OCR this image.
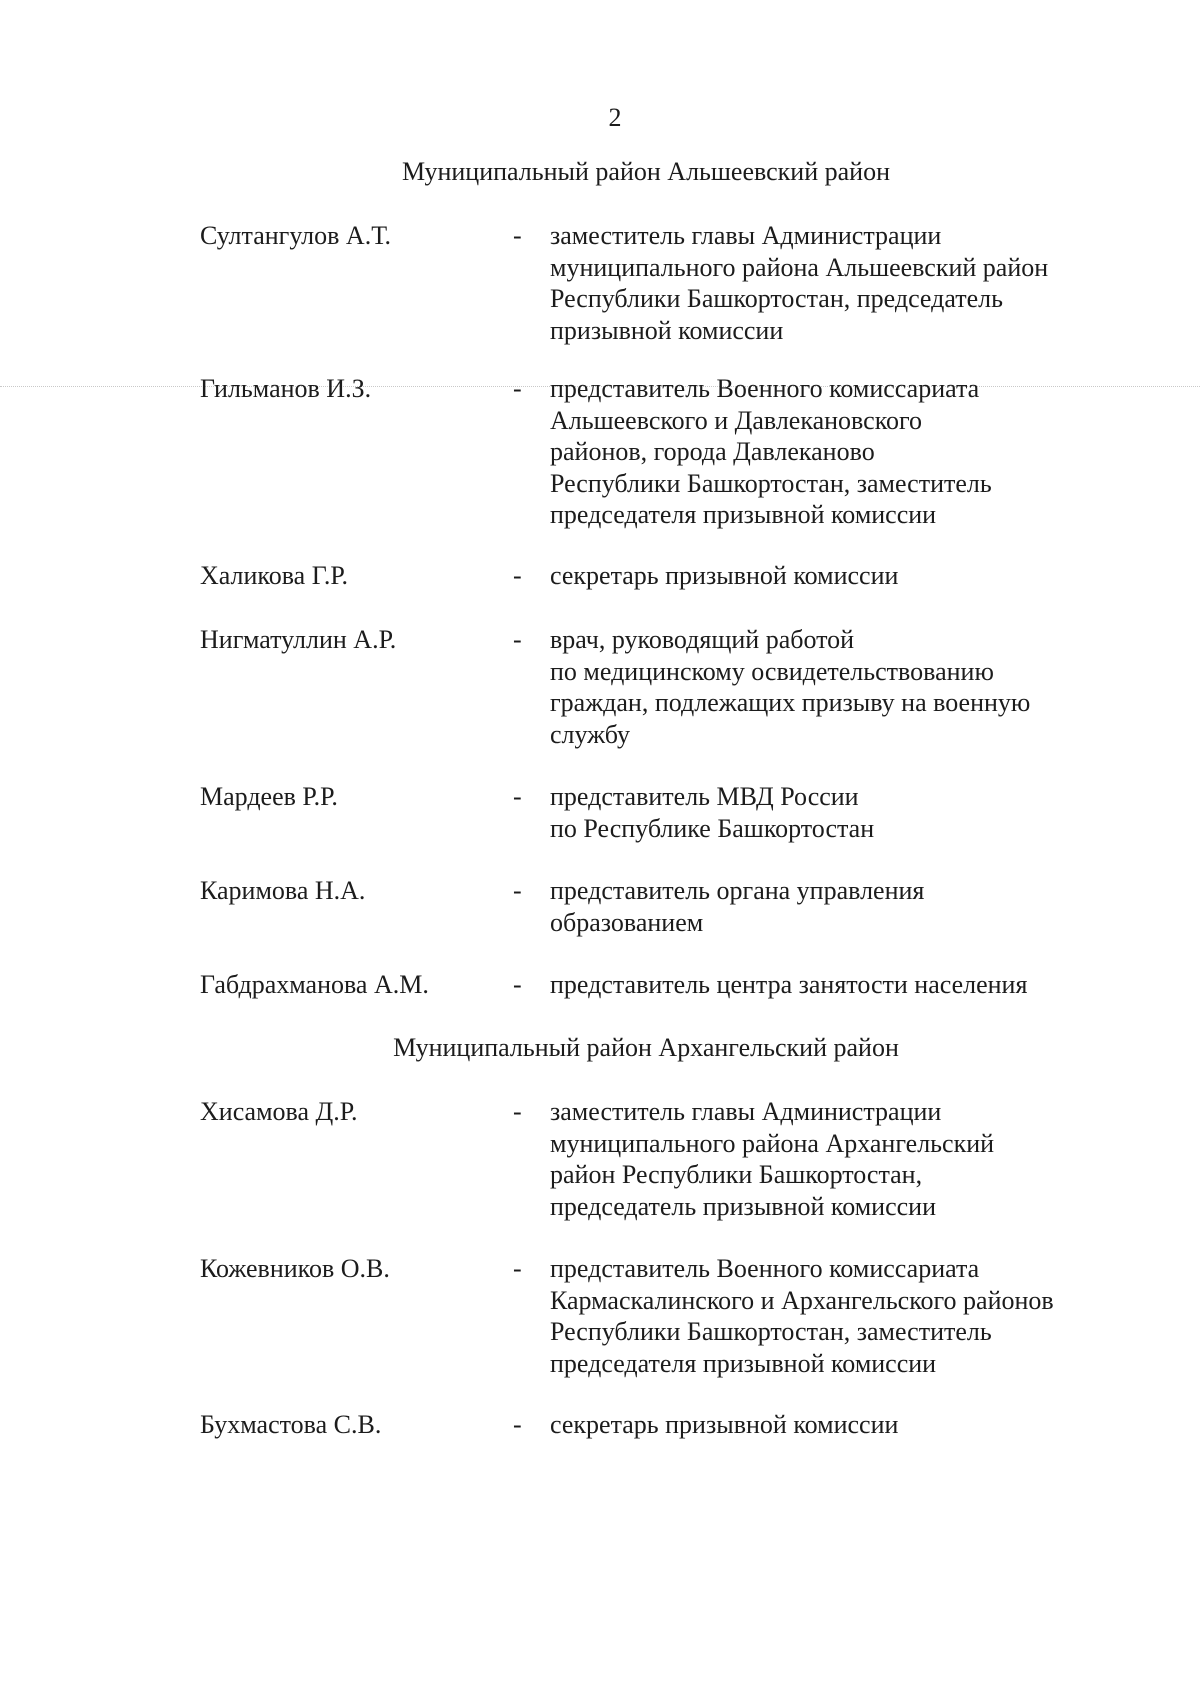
2
Муниципальный район Альшеевский район
Султангулов А.Т.	- заместитель главы Администрации
муниципального района Альшеевский район
Республики Башкортостан, председатель
призывной комиссии
Гильманов И.З.	- представитель Военного комиссариата
Альшеевского и Давлекановского
районов, города Давлеканово
Республики Башкортостан, заместитель
председателя призывной комиссии
Халикова Г.Р.	- секретарь призывной комиссии
Нигматуллин А.Р.	- врач, руководящий работой
по медицинскому освидетельствованию
граждан, подлежащих призыву на военную
службу
Мардеев Р.Р.	- представитель МВД России
по Республике Башкортостан
Каримова Н.А.	- представитель органа управления
образованием
Габдрахманова А.М.	- представитель центра занятости населения
Муниципальный район Архангельский район
Хисамова Д.Р.	- заместитель главы Администрации
муниципального района Архангельский
район Республики Башкортостан,
председатель призывной комиссии
Кожевников О.В.	- представитель Военного комиссариата
Кармаскалинского и Архангельского районов
Республики Башкортостан, заместитель
председателя призывной комиссии
Бухмастова С.В.	- секретарь призывной комиссии
